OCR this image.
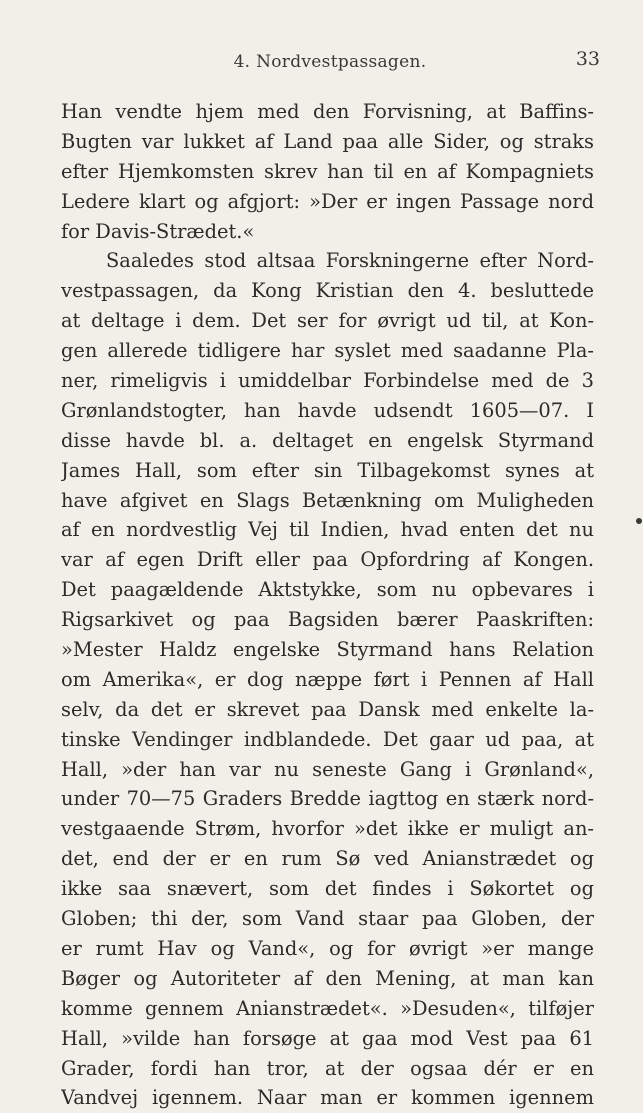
4. Nordvestpassagen.	33
Han vendte hjem med den Forvisning, at Baffins-
Bugten var lukket af Land paa alle Sider, og straks
efter Hjemkomsten skrev han til en af Kompagniets
Ledere klart og afgjort: »Der er ingen Passage nord
for Davis-Strædet.«
Saaledes stod altsaa Forskningerne efter Nord-
vestpassagen, da Kong Kristian den 4. besluttede
at deltage i dem. Det ser for øvrigt ud til, at Kon-
gen allerede tidligere har syslet med saadanne Pla-
ner, rimeligvis i umiddelbar Forbindelse med de 3
Grønlandstogter, han havde udsendt 1605—07. I
disse havde bl. a. deltaget en engelsk Styrmand
James Hall, som efter sin Tilbagekomst synes at
have afgivet en Slags Betænkning om Muligheden
af en nordvestlig Vej til Indien, hvad enten det nu
var af egen Drift eller paa Opfordring af Kongen.
Det paagældende Aktstykke, som nu opbevares i
Rigsarkivet og paa Bagsiden bærer Paaskriften:
»Mester Haldz engelske Styrmand hans Relation
om Amerika«, er dog næppe ført i Pennen af Hall
selv, da det er skrevet paa Dansk med enkelte la-
tinske Vendinger indblandede. Det gaar ud paa, at
Hall, »der han var nu seneste Gang i Grønland«,
under 70—75 Graders Bredde iagttog en stærk nord-
vestgaaende Strøm, hvorfor »det ikke er muligt an-
det, end der er en rum Sø ved Anianstrædet og
ikke saa snævert, som det findes i Søkortet og
Globen; thi der, som Vand staar paa Globen, der
er rumt Hav og Vand«, og for øvrigt »er mange
Bøger og Autoriteter af den Mening, at man kan
komme gennem Anianstrædet«. »Desuden«, tilføjer
Hall, »vilde han forsøge at gaa mod Vest paa 61
Grader, fordi han tror, at der ogsaa dér er en
Vandvej igennem. Naar man er kommen igennem
